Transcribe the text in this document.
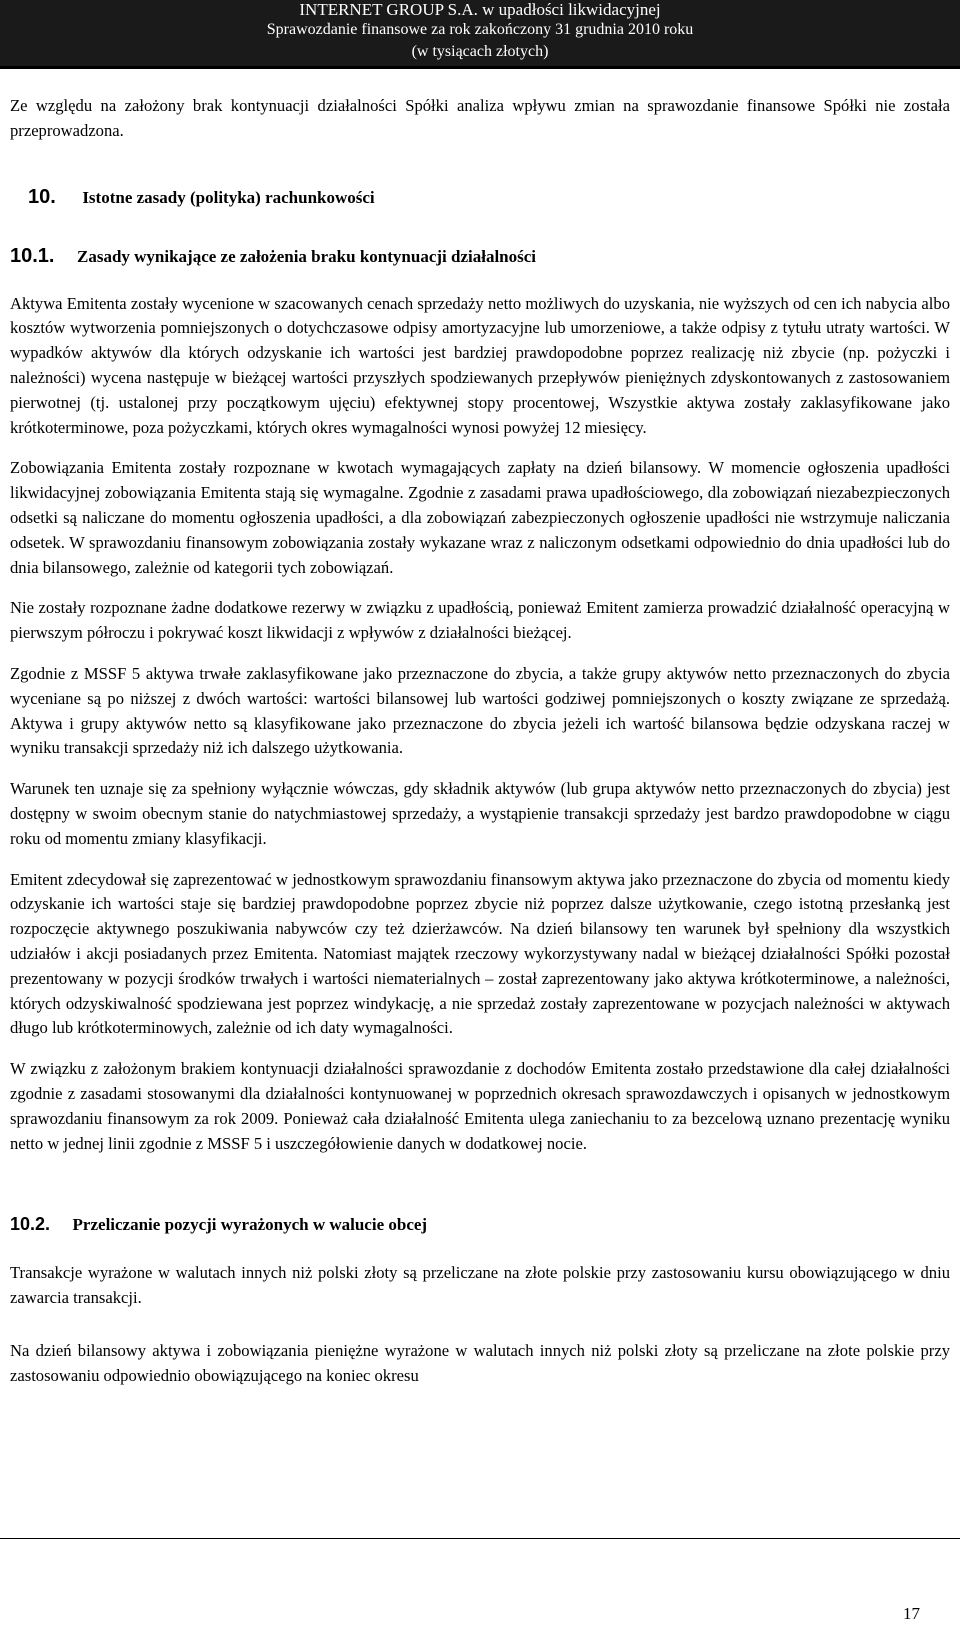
INTERNET GROUP S.A. w upadłości likwidacyjnej
Sprawozdanie finansowe za rok zakończony 31 grudnia 2010 roku
(w tysiącach złotych)

Ze względu na założony brak kontynuacji działalności Spółki analiza wpływu zmian na sprawozdanie finansowe Spółki nie została przeprowadzona.

10. Istotne zasady (polityka) rachunkowości
10.1. Zasady wynikające ze założenia braku kontynuacji działalności

Aktywa Emitenta zostały wycenione w szacowanych cenach sprzedaży netto możliwych do uzyskania, nie wyższych od cen ich nabycia albo kosztów wytworzenia pomniejszonych o dotychczasowe odpisy amortyzacyjne lub umorzeniowe, a także odpisy z tytułu utraty wartości. W wypadków aktywów dla których odzyskanie ich wartości jest bardziej prawdopodobne poprzez realizację niż zbycie (np. pożyczki i należności) wycena następuje w bieżącej wartości przyszłych spodziewanych przepływów pieniężnych zdyskontowanych z zastosowaniem pierwotnej (tj. ustalonej przy początkowym ujęciu) efektywnej stopy procentowej, Wszystkie aktywa zostały zaklasyfikowane jako krótkoterminowe, poza pożyczkami, których okres wymagalności wynosi powyżej 12 miesięcy.

Zobowiązania Emitenta zostały rozpoznane w kwotach wymagających zapłaty na dzień bilansowy. W momencie ogłoszenia upadłości likwidacyjnej zobowiązania Emitenta stają się wymagalne. Zgodnie z zasadami prawa upadłościowego, dla zobowiązań niezabezpieczonych odsetki są naliczane do momentu ogłoszenia upadłości, a dla zobowiązań zabezpieczonych ogłoszenie upadłości nie wstrzymuje naliczania odsetek. W sprawozdaniu finansowym zobowiązania zostały wykazane wraz z naliczonym odsetkami odpowiednio do dnia upadłości lub do dnia bilansowego, zależnie od kategorii tych zobowiązań.

Nie zostały rozpoznane żadne dodatkowe rezerwy w związku z upadłością, ponieważ Emitent zamierza prowadzić działalność operacyjną w pierwszym półroczu i pokrywać koszt likwidacji z wpływów z działalności bieżącej.

Zgodnie z MSSF 5 aktywa trwałe zaklasyfikowane jako przeznaczone do zbycia, a także grupy aktywów netto przeznaczonych do zbycia wyceniane są po niższej z dwóch wartości: wartości bilansowej lub wartości godziwej pomniejszonych o koszty związane ze sprzedażą. Aktywa i grupy aktywów netto są klasyfikowane jako przeznaczone do zbycia jeżeli ich wartość bilansowa będzie odzyskana raczej w wyniku transakcji sprzedaży niż ich dalszego użytkowania.

Warunek ten uznaje się za spełniony wyłącznie wówczas, gdy składnik aktywów (lub grupa aktywów netto przeznaczonych do zbycia) jest dostępny w swoim obecnym stanie do natychmiastowej sprzedaży, a wystąpienie transakcji sprzedaży jest bardzo prawdopodobne w ciągu roku od momentu zmiany klasyfikacji.

Emitent zdecydował się zaprezentować w jednostkowym sprawozdaniu finansowym aktywa jako przeznaczone do zbycia od momentu kiedy odzyskanie ich wartości staje się bardziej prawdopodobne poprzez zbycie niż poprzez dalsze użytkowanie, czego istotną przesłanką jest rozpoczęcie aktywnego poszukiwania nabywców czy też dzierżawców. Na dzień bilansowy ten warunek był spełniony dla wszystkich udziałów i akcji posiadanych przez Emitenta. Natomiast majątek rzeczowy wykorzystywany nadal w bieżącej działalności Spółki pozostał prezentowany w pozycji środków trwałych i wartości niematerialnych – został zaprezentowany jako aktywa krótkoterminowe, a należności, których odzyskiwalność spodziewana jest poprzez windykację, a nie sprzedaż zostały zaprezentowane w pozycjach należności w aktywach długo lub krótkoterminowych, zależnie od ich daty wymagalności.

W związku z założonym brakiem kontynuacji działalności sprawozdanie z dochodów Emitenta zostało przedstawione dla całej działalności zgodnie z zasadami stosowanymi dla działalności kontynuowanej w poprzednich okresach sprawozdawczych i opisanych w jednostkowym sprawozdaniu finansowym za rok 2009. Ponieważ cała działalność Emitenta ulega zaniechaniu to za bezcelową uznano prezentację wyniku netto w jednej linii zgodnie z MSSF 5 i uszczegółowienie danych w dodatkowej nocie.

10.2. Przeliczanie pozycji wyrażonych w walucie obcej

Transakcje wyrażone w walutach innych niż polski złoty są przeliczane na złote polskie przy zastosowaniu kursu obowiązującego w dniu zawarcia transakcji.

Na dzień bilansowy aktywa i zobowiązania pieniężne wyrażone w walutach innych niż polski złoty są przeliczane na złote polskie przy zastosowaniu odpowiednio obowiązującego na koniec okresu

17
